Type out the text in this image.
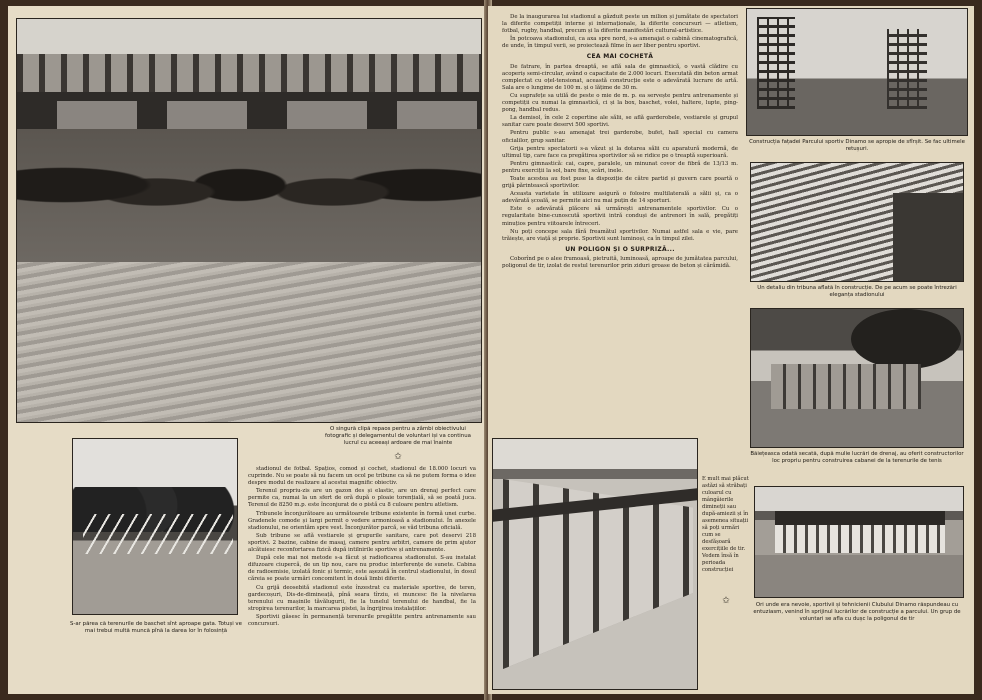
O singură clipă repaos pentru a zâmbi obiectivului fotografic și delegamentul de voluntari iși va continua lucrul cu aceeași ardoare de mai înainte
✩
S-ar părea că terenurile de baschet sînt aproape gata. Totuși ve mai trebui multă muncă pînă la darea lor în folosință

stadionul de fotbal. Spațios, comod și cochet, stadionul de 18.000 locuri va cuprinde. Nu se poate să nu facem un ocol pe tribune ca să ne putem forma o idee despre modul de realizare al acestui magnific obiectiv.

Terenul propriu-zis are un gazon des și elastic, are un drenaj perfect care permite ca, numai la un sfert de oră după o ploaie torențială, să se poată juca. Terenul de 8250 m.p. este înconjurat de o pistă cu 8 culoare pentru atletism.

Tribunele înconjurătoare au următoarele tribune existente în formă unei curbe. Gradenele comode și largi permit o vedere armonioasă a stadionului. În anexele stadionului, ne orientăm spre vest. Înconjurător parcă, se văd tribuna oficială.

Sub tribune se află vestiarele și grupurile sanitare, care pot deservi 218 sportivi. 2 bazine, cabine de masaj, camere pentru arbitri, camere de prim ajutor alcătuiesc reconfortarea fizică după intilnirile sportive și antrenamente.

După cele mai noi metode s-a făcut și radioficarea stadionului. S-au instalat difuzoare ciupercă, de un tip nou, care nu produc interferențe de sunete. Cabina de radioemisie, izolată fonic și termic, este așezată în centrul stadionului, în dosul căreia se poate urmări concomitent în două limbi diferite.

Cu grijă deosebită stadionul este înzestrat cu materiale sportive, de teren, gardecoșuri, Dis-de-dimineață, pînă seara tîrziu, ei muncesc fie la nivelarea terenului cu mașinile tăvălugurii, fie la tunelul terenului de handbal, fie la stropirea terenurilor, la marcarea pistei, la îngrijirea instalațiilor.

Sportivii găsesc în permanență terenurile pregătite pentru antrenamente sau concursuri.

De la inaugurarea lui stadionul a găzduit peste un milion și jumătate de spectatori la diferite competiții interne și internaționale, la diferite concursuri — atletism, fotbal, rugby, handbal, precum și la diferite manifestări cultural-artistice.

În potcoava stadionului, ca axa spre nord, s-a amenajat o cabină cinematografică, de unde, în timpul verii, se proiectează filme în aer liber pentru sportivi.

CEA MAI COCHETĂ

De fatrare, în partea dreaptă, se află sala de gimnastică, o vastă clădire cu acoperiș semi-circular, având o capacitate de 2.000 locuri. Executată din beton armat complectat cu oțel-tensionat, această construcție este o adevărată lucrare de artă. Sala are o lungime de 100 m. și o lățime de 30 m.

Cu suprafețe sa utilă de peste o mie de m. p. ea servește pentru antrenamente și competiții cu numai la gimnastică, ci și la box, baschet, volei, haltere, lupte, ping-pong, handbal redus.

La demisol, în cele 2 copertine ale sălii, se află garderobele, vestiarele și grupul sanitar care poate deservi 500 sportivi.

Pentru public s-au amenajat trei garderobe, bufet, hall special cu camera oficialilor, grup sanitar.

Grija pentru spectatorii s-a văzut și la dotarea sălii cu aparatură modernă, de ultimul tip, care face ca pregătirea sportivilor să se ridice pe o treaptă superioară.

Pentru gimnastică: cai, capre, paralele, un minunat covor de fibră de 13/13 m. pentru exerciții la sol, bare fixe, scări, inele.

Toate acestea au fost puse la dispoziție de către partid și guvern care poartă o grijă părintească sportivilor.

Aceasta varietate în utilizare asigură o folosire multilaterală a sălii și, ca o adevărată școală, se permite aici nu mai puțin de 14 sporturi.

Este o adevărată plăcere să urmărești antrenamentele sportivilor. Cu o regularitate bine-cunoscută sportivii intră conduși de antrenori în sală, pregătiți minuțios pentru viitoarele întreceri.

Nu poți concepe sala fără freamătul sportivilor. Numai astfel sala e vie, pare trăiește, are viață și proprie. Sportivii sunt luminoși, ca în timpul zilei.

UN POLIGON ȘI O SURPRIZĂ...

Coborînd pe o alee frumoasă, pietruită, luminoasă, aproape de jumătatea parcului, poligonul de tir, izolat de restul terenurilor prin ziduri groase de beton și cărămidă.

Construcția fațadei Parcului sportiv Dinamo se apropie de sfîrșit. Se fac ultimele retușuri.
Un detaliu din tribuna aflată în construcție. De pe acum se poate întrezări eleganța stadionului
Băiețeasca odată secată, după mulie lucrări de drenaj, au oferit constructorilor loc propriu pentru construirea cabanei de la terenurile de tenis
E mult mai plăcut astăzi să străbați culoarul cu mângâierile dimineții sau după-amiezii și în asemenea situații să poți urmări cum se desfășoară exercițiile de tir. Vedem însă în perioada construcției
✩	Ori unde era nevoie, sportivii și tehnicienii Clubului Dinamo răspundeau cu entuziasm, venind în sprijinul lucrărilor de construcție a parcului. Un grup de voluntari se afla cu dușc la poligonul de tir
